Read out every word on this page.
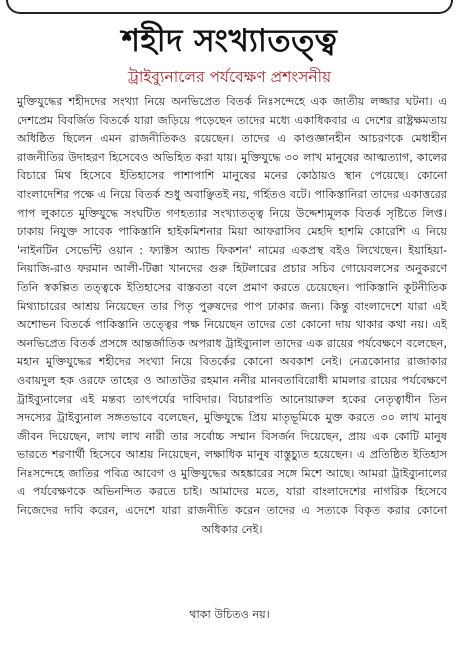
শহীদ সংখ্যাতত্ত্ব
ট্রাইব্যুনালের পর্যবেক্ষণ প্রশংসনীয়

মুক্তিযুদ্ধের শহীদদের সংখ্যা নিয়ে অনভিপ্রেত বিতর্ক নিঃসন্দেহে এক জাতীয় লজ্জার ঘটনা। এ দেশপ্রেম বিবর্জিত বিতর্কে যারা জড়িয়ে পড়েছেন তাদের মধ্যে একাধিকবার এ দেশের রাষ্ট্রক্ষমতায় অধিষ্ঠিত ছিলেন এমন রাজনীতিকও রয়েছেন। তাদের এ কাণ্ডজ্ঞানহীন আচরণকে মেধাহীন রাজনীতির উদাহরণ হিসেবেও অভিহিত করা যায়। মুক্তিযুদ্ধে ৩০ লাখ মানুষের আত্মত্যাগ, কালের বিচারে মিথ হিসেবে ইতিহাসের পাশাপাশি মানুষের মনের কোঠায়ও স্থান পেয়েছে। কোনো বাংলাদেশির পক্ষে এ নিয়ে বিতর্ক শুধু অবাঞ্ছিতই নয়, গর্হিতও বটে। পাকিস্তানিরা তাদের একাত্তরের পাপ লুকাতে মুক্তিযুদ্ধে সংঘটিত গণহত্যার সংখ্যাতত্ত্ব নিয়ে উদ্দেশ্যমূলক বিতর্ক সৃষ্টিতে লিপ্ত। ঢাকায় নিযুক্ত সাবেক পাকিস্তানি হাইকমিশনার মিয়া আফরাসিব মেহদি হাশমি কোরেশি এ নিয়ে 'নাইনটিন সেভেন্টি ওয়ান : ফ্যাক্টস অ্যান্ড ফিকশন' নামের একপ্রস্থ বইও লিখেছেন। ইয়াহিয়া-নিয়াজি-রাও ফরমান আলী-টিক্কা খানদের গুরু হিটলারের প্রচার সচিব গোয়েবলসের অনুকরণে তিনি স্বকল্পিত তত্ত্বকে ইতিহাসের বাস্তবতা বলে প্রমাণ করতে চেয়েছেন। পাকিস্তানি কূটনীতিক মিথ্যাচারের আশ্রয় নিয়েছেন তার পিতৃ পুরুষদের পাপ ঢাকার জন্য। কিন্তু বাংলাদেশে যারা এই অশোভন বিতর্কে পাকিস্তানি তত্ত্বের পক্ষ নিয়েছেন তাদের তো কোনো দায় থাকার কথা নয়। এই অনভিপ্রেত বিতর্ক প্রসঙ্গে আন্তর্জাতিক অপরাধ ট্রাইব্যুনাল তাদের এক রায়ের পর্যবেক্ষণে বলেছেন, মহান মুক্তিযুদ্ধের শহীদের সংখ্যা নিয়ে বিতর্কের কোনো অবকাশ নেই। নেত্রকোনার রাজাকার ওবায়দুল হক ওরফে তাহের ও আতাউর রহমান ননীর মানবতাবিরোধী মামলার রায়ের পর্যবেক্ষণে ট্রাইব্যুনালের এই মন্তব্য তাৎপর্যের দাবিদার। বিচারপতি আনোয়ারুল হকের নেতৃত্বাধীন তিন সদস্যের ট্রাইব্যুনাল সঙ্গতভাবে বলেছেন, মুক্তিযুদ্ধে প্রিয় মাতৃভূমিকে মুক্ত করতে ৩০ লাখ মানুষ জীবন দিয়েছেন, লাখ লাখ নারী তার সর্বোচ্চ সম্মান বিসর্জন দিয়েছেন, প্রায় এক কোটি মানুষ ভারতে শরণার্থী হিসেবে আশ্রয় নিয়েছেন, লক্ষাধিক মানুষ বাস্তুচ্যুত হয়েছেন। এ প্রতিষ্ঠিত ইতিহাস নিঃসন্দেহে জাতির পবিত্র আবেগ ও মুক্তিযুদ্ধের অহঙ্কারের সঙ্গে মিশে আছে। আমরা ট্রাইব্যুনালের এ পর্যবেক্ষণকে অভিনন্দিত করতে চাই। আমাদের মতে, যারা বাংলাদেশের নাগরিক হিসেবে নিজেদের দাবি করেন, এদেশে যারা রাজনীতি করেন তাদের এ সত্যকে বিকৃত করার কোনো অধিকার নেই।

থাকা উচিতও নয়।
